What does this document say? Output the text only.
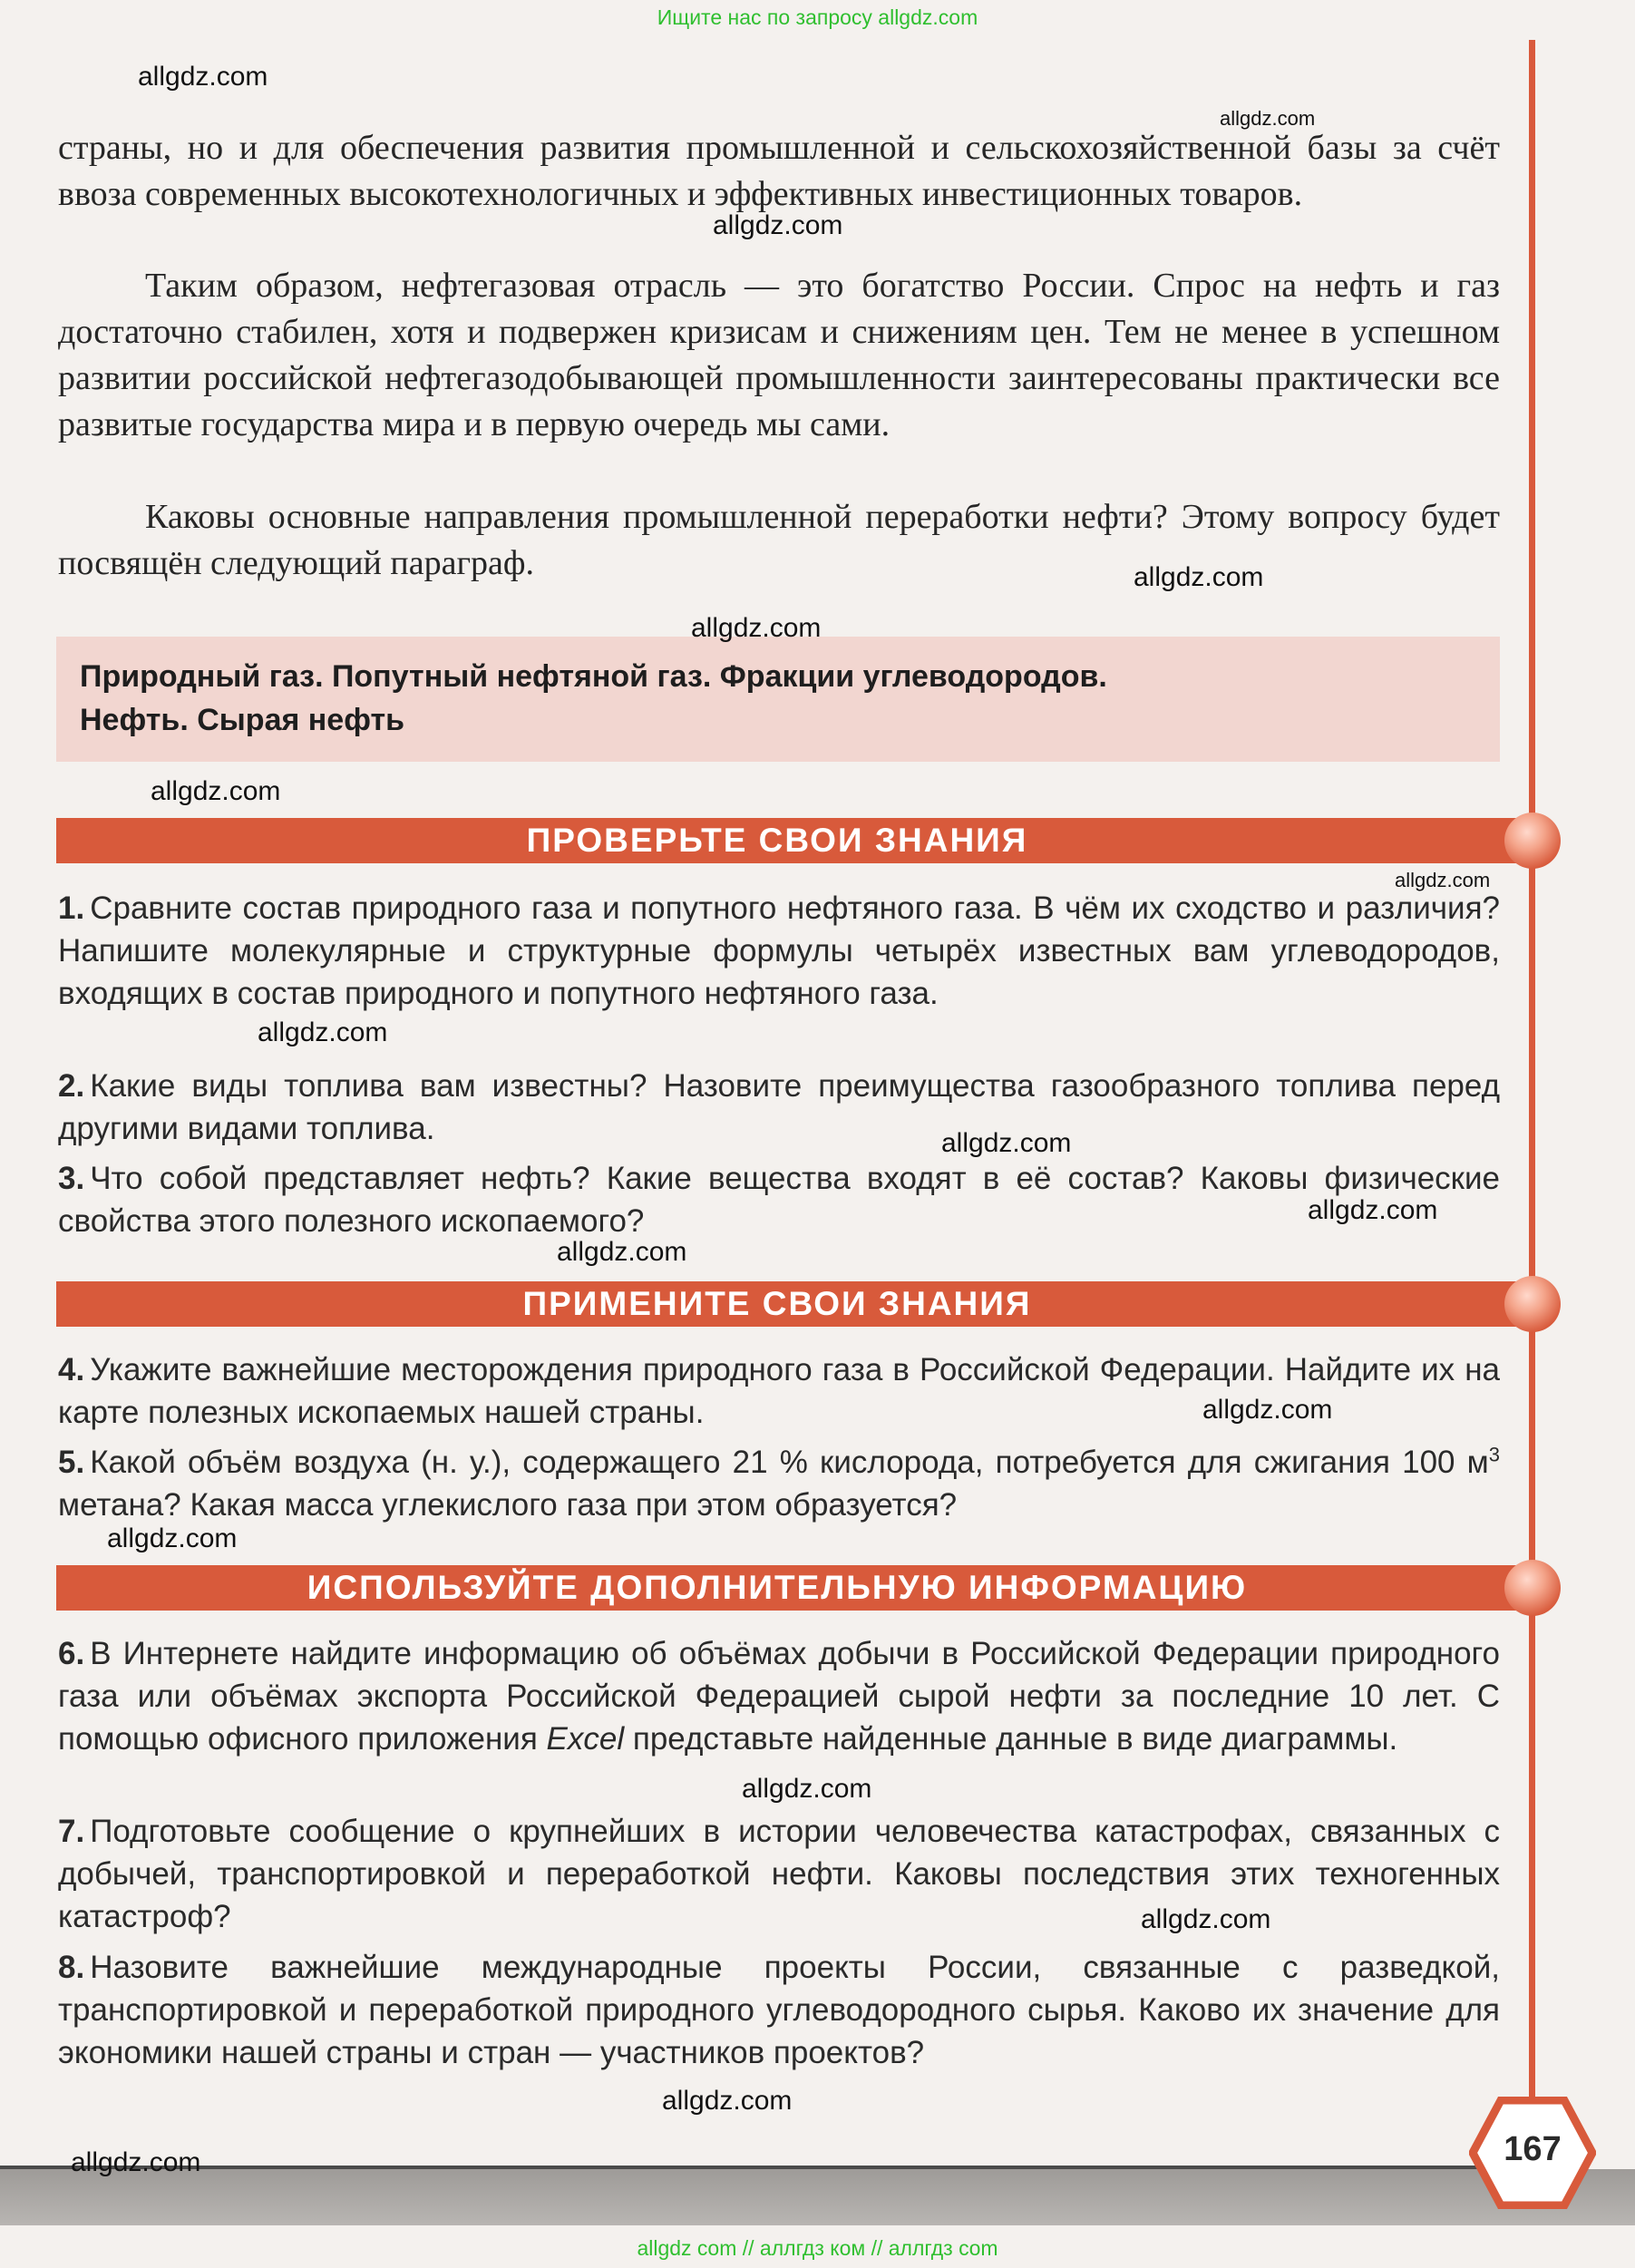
Ищите нас по запросу allgdz.com
страны, но и для обеспечения развития промышленной и сельскохозяйственной базы за счёт ввоза современных высокотехнологичных и эффективных инвестиционных товаров.
Таким образом, нефтегазовая отрасль — это богатство России. Спрос на нефть и газ достаточно стабилен, хотя и подвержен кризисам и снижениям цен. Тем не менее в успешном развитии российской нефтегазодобывающей промышленности заинтересованы практически все развитые государства мира и в первую очередь мы сами.
Каковы основные направления промышленной переработки нефти? Этому вопросу будет посвящён следующий параграф.
Природный газ. Попутный нефтяной газ. Фракции углеводородов.
Нефть. Сырая нефть
ПРОВЕРЬТЕ СВОИ ЗНАНИЯ
1. Сравните состав природного газа и попутного нефтяного газа. В чём их сходство и различия? Напишите молекулярные и структурные формулы четырёх известных вам углеводородов, входящих в состав природного и попутного нефтяного газа.
2. Какие виды топлива вам известны? Назовите преимущества газообразного топлива перед другими видами топлива.
3. Что собой представляет нефть? Какие вещества входят в её состав? Каковы физические свойства этого полезного ископаемого?
ПРИМЕНИТЕ СВОИ ЗНАНИЯ
4. Укажите важнейшие месторождения природного газа в Российской Федерации. Найдите их на карте полезных ископаемых нашей страны.
5. Какой объём воздуха (н. у.), содержащего 21 % кислорода, потребуется для сжигания 100 $м^3$ метана? Какая масса углекислого газа при этом образуется?
ИСПОЛЬЗУЙТЕ ДОПОЛНИТЕЛЬНУЮ ИНФОРМАЦИЮ
6. В Интернете найдите информацию об объёмах добычи в Российской Федерации природного газа или объёмах экспорта Российской Федерацией сырой нефти за последние 10 лет. С помощью офисного приложения Excel представьте найденные данные в виде диаграммы.
7. Подготовьте сообщение о крупнейших в истории человечества катастрофах, связанных с добычей, транспортировкой и переработкой нефти. Каковы последствия этих техногенных катастроф?
8. Назовите важнейшие международные проекты России, связанные с разведкой, транспортировкой и переработкой природного углеводородного сырья. Каково их значение для экономики нашей страны и стран — участников проектов?
167
allgdz.com
allgdz.com
allgdz.com
allgdz.com
allgdz.com
allgdz.com
allgdz.com
allgdz.com
allgdz.com
allgdz.com
allgdz.com
allgdz.com
allgdz.com
allgdz.com
allgdz.com
allgdz.com
allgdz.com
allgdz com // аллгдз ком // аллгдз com
